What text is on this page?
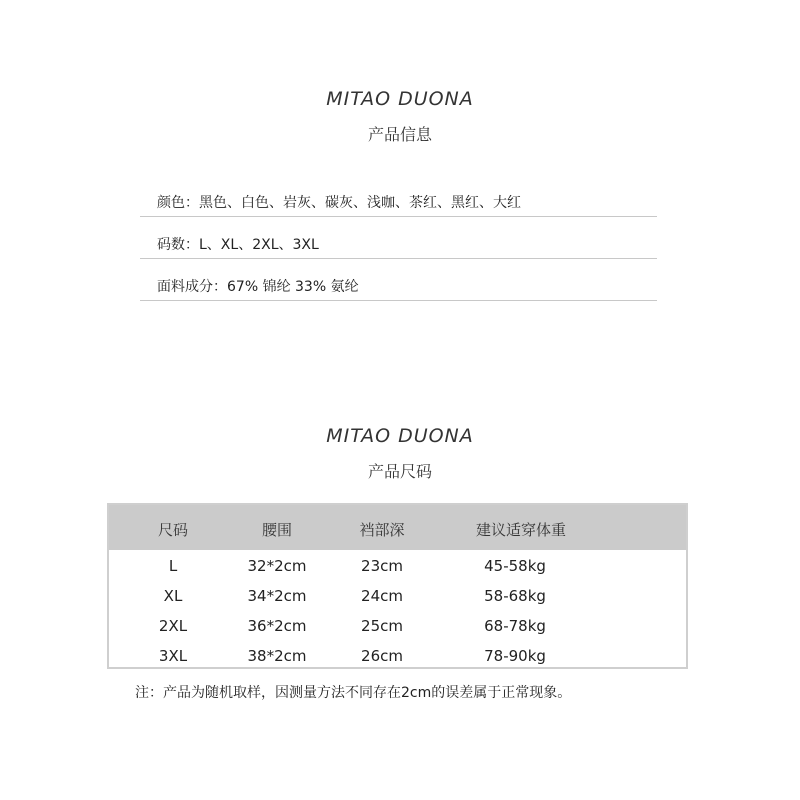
MITAO DUONA
产品信息
颜色：黑色、白色、岩灰、碳灰、浅咖、茶红、黑红、大红
码数：L、XL、2XL、3XL
面料成分：67% 锦纶 33% 氨纶
MITAO DUONA
产品尺码
尺码	腰围	裆部深	建议适穿体重
L	32*2cm	23cm	45-58kg
XL	34*2cm	24cm	58-68kg
2XL	36*2cm	25cm	68-78kg
3XL	38*2cm	26cm	78-90kg
注：产品为随机取样，因测量方法不同存在2cm的误差属于正常现象。
